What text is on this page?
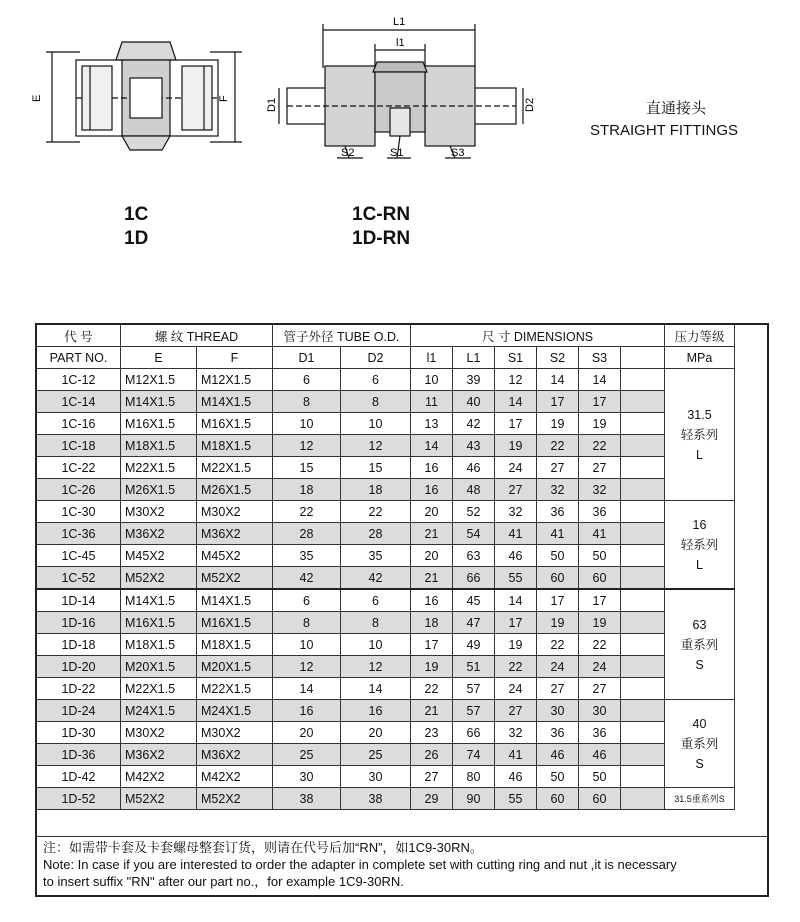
E	F
L1
l1
D1	D2
S2	S1	S3
直通接头
STRAIGHT FITTINGS
1C
1D
1C-RN
1D-RN
代 号	螺 纹 THREAD		管子外径 TUBE O.D.		尺 寸 DIMENSIONS						压力等级
PART NO.	E	F	D1	D2	l1	L1	S1	S2	S3		MPa
1C-12	M12X1.5	M12X1.5	6	6	10	39	12	14	14		31.5
轻系列
L

1C-14	M14X1.5	M14X1.5	8	8	11	40	14	17	17		
1C-16	M16X1.5	M16X1.5	10	10	13	42	17	19	19		
1C-18	M18X1.5	M18X1.5	12	12	14	43	19	22	22		
1C-22	M22X1.5	M22X1.5	15	15	16	46	24	27	27		
1C-26	M26X1.5	M26X1.5	18	18	16	48	27	32	32		
1C-30	M30X2	M30X2	22	22	20	52	32	36	36		16
轻系列
L

1C-36	M36X2	M36X2	28	28	21	54	41	41	41		
1C-45	M45X2	M45X2	35	35	20	63	46	50	50		
1C-52	M52X2	M52X2	42	42	21	66	55	60	60		
1D-14	M14X1.5	M14X1.5	6	6	16	45	14	17	17		63
重系列
S

1D-16	M16X1.5	M16X1.5	8	8	18	47	17	19	19		
1D-18	M18X1.5	M18X1.5	10	10	17	49	19	22	22		
1D-20	M20X1.5	M20X1.5	12	12	19	51	22	24	24		
1D-22	M22X1.5	M22X1.5	14	14	22	57	24	27	27		
1D-24	M24X1.5	M24X1.5	16	16	21	57	27	30	30		40
重系列
S

1D-30	M30X2	M30X2	20	20	23	66	32	36	36		
1D-36	M36X2	M36X2	25	25	26	74	41	46	46		
1D-42	M42X2	M42X2	30	30	27	80	46	50	50		
1D-52	M52X2	M52X2	38	38	29	90	55	60	60		31.5重系列S
注：如需带卡套及卡套螺母整套订货，则请在代号后加“RN”，如1C9-30RN。
Note: In case if you are interested to order the adapter in complete set with cutting ring and nut ,it is necessary
to insert suffix "RN" after our part no.，for example 1C9-30RN.
